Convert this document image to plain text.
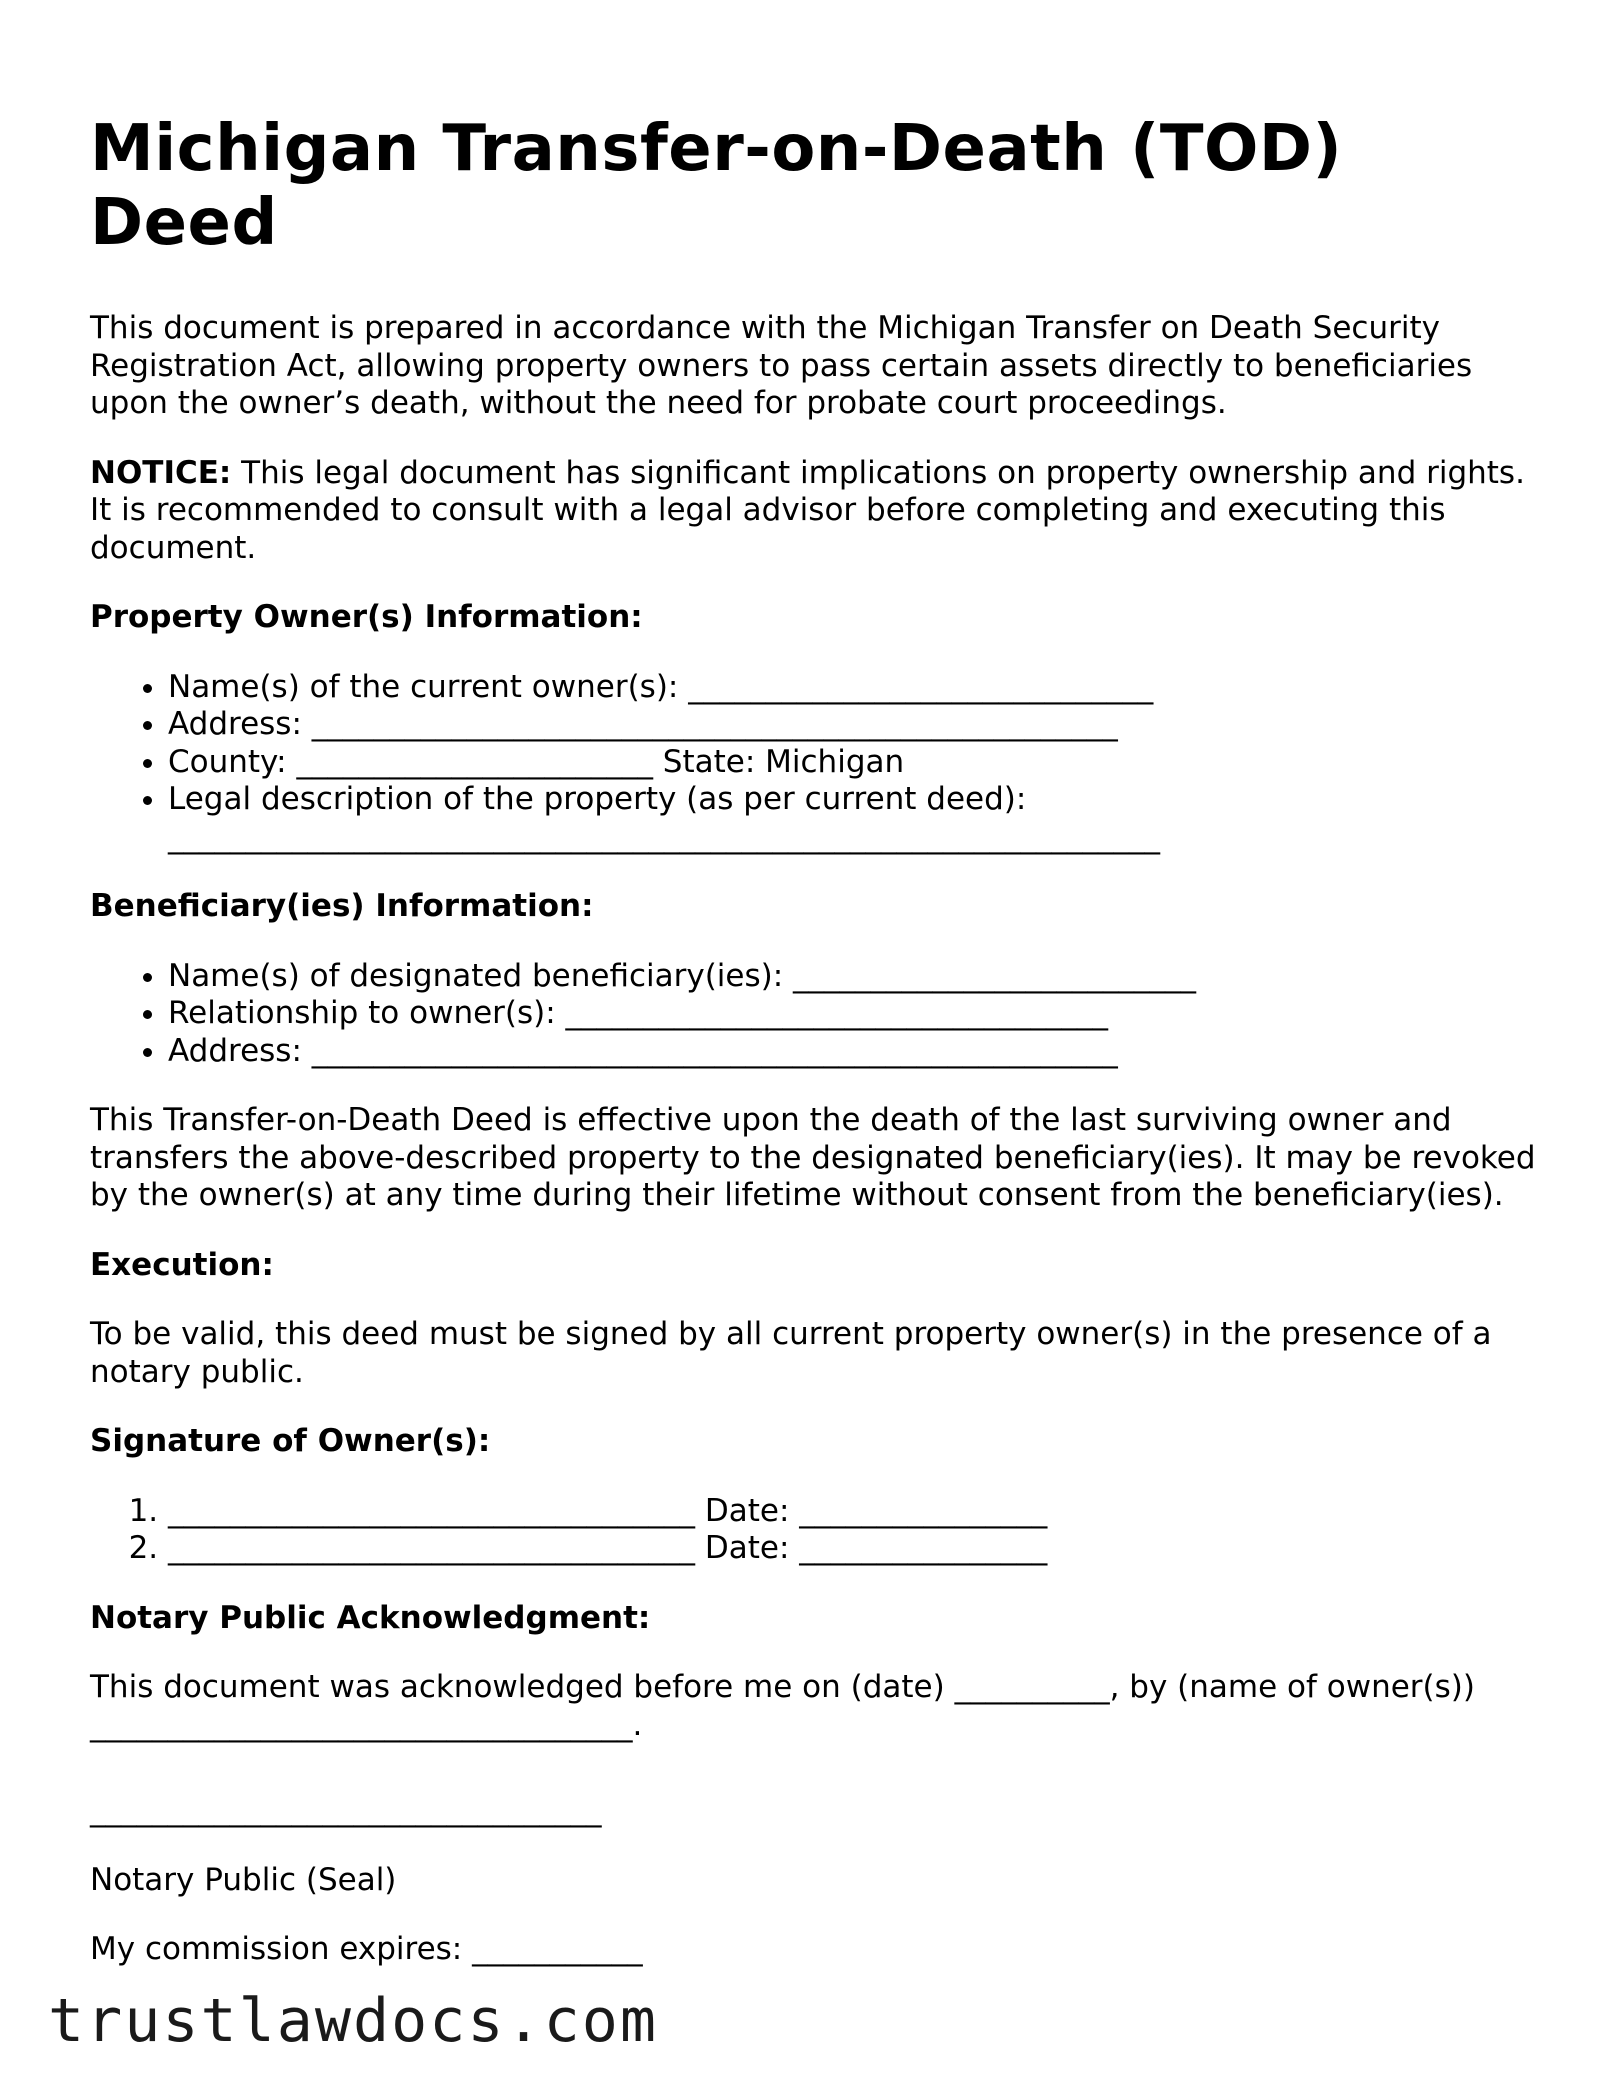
Michigan Transfer-on-Death (TOD) Deed

This document is prepared in accordance with the Michigan Transfer on Death Security Registration Act, allowing property owners to pass certain assets directly to beneficiaries upon the owner’s death, without the need for probate court proceedings.

NOTICE: This legal document has significant implications on property ownership and rights. It is recommended to consult with a legal advisor before completing and executing this document.

Property Owner(s) Information:

• Name(s) of the current owner(s): ______________________________
• Address: ____________________________________________________
• County: _______________________ State: Michigan
• Legal description of the property (as per current deed): ________________________________________________________________

Beneficiary(ies) Information:

• Name(s) of designated beneficiary(ies): __________________________
• Relationship to owner(s): ___________________________________
• Address: ____________________________________________________

This Transfer-on-Death Deed is effective upon the death of the last surviving owner and transfers the above-described property to the designated beneficiary(ies). It may be revoked by the owner(s) at any time during their lifetime without consent from the beneficiary(ies).

Execution:

To be valid, this deed must be signed by all current property owner(s) in the presence of a notary public.

Signature of Owner(s):

1. __________________________________ Date: ________________
2. __________________________________ Date: ________________

Notary Public Acknowledgment:

This document was acknowledged before me on (date) __________, by (name of owner(s)) ___________________________________.

_________________________________

Notary Public (Seal)

My commission expires: ___________

trustlawdocs.com
